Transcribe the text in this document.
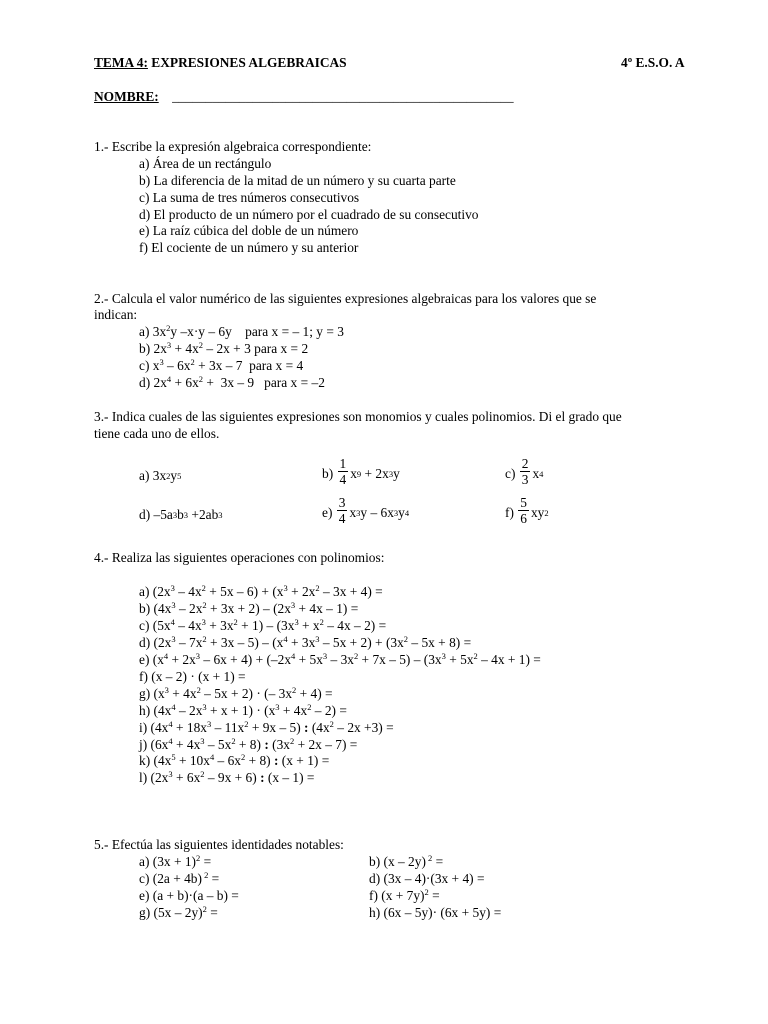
TEMA 4: EXPRESIONES ALGEBRAICAS	4º E.S.O. A
NOMBRE: ___________________________________________________
1.- Escribe la expresión algebraica correspondiente:
a) Área de un rectángulo
b) La diferencia de la mitad de un número y su cuarta parte
c) La suma de tres números consecutivos
d) El producto de un número por el cuadrado de su consecutivo
e) La raíz cúbica del doble de un número
f) El cociente de un número y su anterior
2.- Calcula el valor numérico de las siguientes expresiones algebraicas para los valores que se
indican:
a) $3x^2y$ –x·y – 6y    para x = – 1; y = 3
b) $2x^3 + 4x^2 - 2x + 3$ para x = 2
c) $x^3 - 6x^2 + 3x - 7$  para x = 4
d) $2x^4 + 6x^2 + 3x - 9$   para x = –2
3.- Indica cuales de las siguientes expresiones son monomios y cuales polinomios. Di el grado que
tiene cada uno de ellos.
a) 3x 2 y 5	$b) \frac{1}{4}$ x 9 + 2x 3 y	$c) \frac{2}{3}$ x 4
d) –5a 3 b 3 +2ab 3	$e) \frac{3}{4}$ x 3 y – 6x 3 y 4	$f) \frac{5}{6}$ xy 2
4.- Realiza las siguientes operaciones con polinomios:
a) $(2x^3 - 4x^2 + 5x - 6) + (x^3 + 2x^2 - 3x + 4)$ =
b) $(4x^3 - 2x^2 + 3x + 2) - (2x^3 + 4x - 1)$ =
c) $(5x^4 - 4x^3 + 3x^2 + 1) - (3x^3 + x^2 - 4x - 2)$ =
d) $(2x^3 - 7x^2 + 3x - 5) - (x^4 + 3x^3 - 5x + 2) + (3x^2 - 5x + 8)$ =
e) $(x^4 + 2x^3 - 6x + 4) + (-2x^4 + 5x^3 - 3x^2 + 7x - 5) - (3x^3 + 5x^2 - 4x + 1)$ =
f) (x – 2) · (x + 1) =
g) $(x^3 + 4x^2 - 5x + 2)$ · (– $3x^2 + 4$) =
h) $(4x^4 - 2x^3 + x + 1) \cdot (x^3 + 4x^2 - 2)$ =
i) $(4x^4 + 18x^3 - 11x^2 + 9x - 5)$ : $(4x^2 - 2x +3)$ =
j) $(6x^4 + 4x^3 - 5x^2 + 8)$ : $(3x^2 + 2x - 7)$ =
k) $(4x^5 + 10x^4 - 6x^2 + 8)$ : (x + 1) =
l) $(2x^3 + 6x^2 - 9x + 6)$ : (x – 1) =
5.- Efectúa las siguientes identidades notables:
a) $(3x + 1)^2$ =	b) (x – 2y) $^2$ =
c) (2a + 4b) $^2$ =	d) (3x – 4)·(3x + 4) =
e) (a + b)·(a – b) =	f) $(x + 7y)^2$ =
g) (5x – 2y)$^2$ =	h) (6x – 5y)· (6x + 5y) =
